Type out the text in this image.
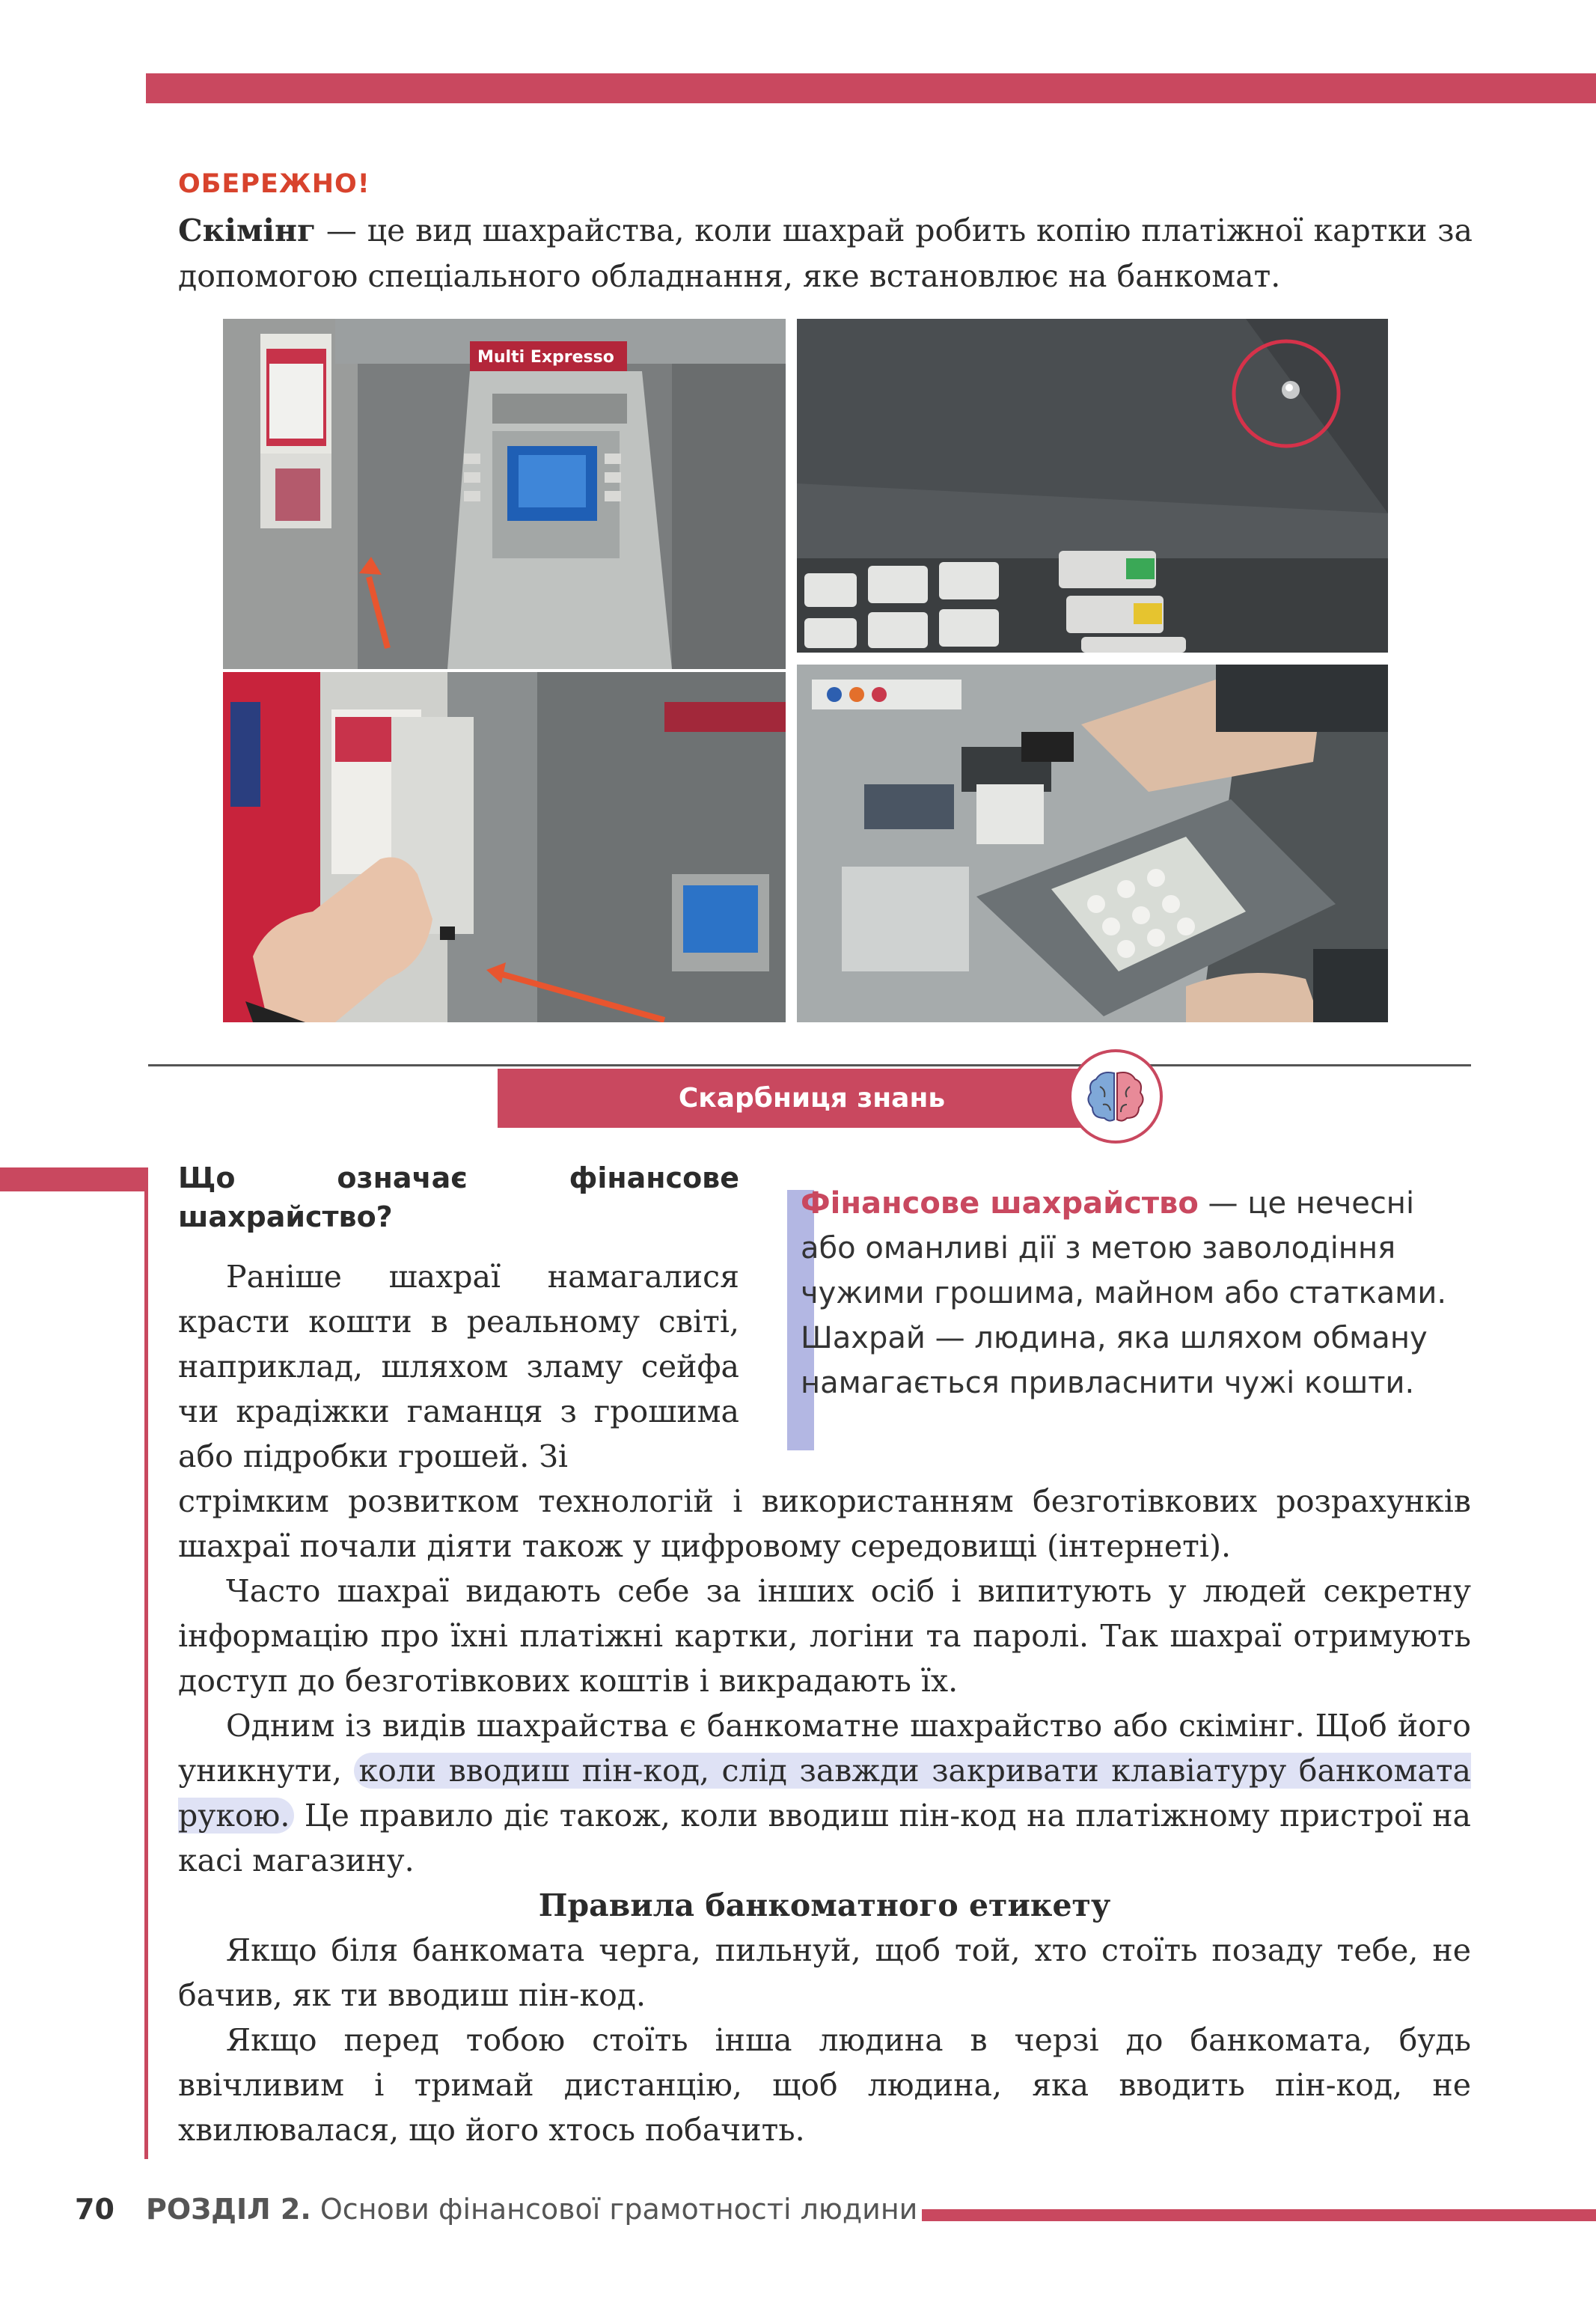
ОБЕРЕЖНО!
Скімінг — це вид шахрайства, коли шахрай робить копію платіжної картки за допомогою спеціального обладнання, яке встановлює на банкомат.
Multi Expresso
Скарбниця знань
Що означає фінансове шахрайство?	Фінансове шахрайство — це нечесні або оманливі дії з метою заволодіння чужими грошима, майном або статками. Шахрай — людина, яка шляхом обману намагається привласнити чужі кошти.
Раніше шахраї намагалися красти кошти в реальному світі, наприклад, шляхом зламу сейфа чи крадіжки гаманця з грошима або підробки грошей. Зі

стрімким розвитком технологій і використанням безготівкових розрахунків шахраї почали діяти також у цифровому середовищі (інтернеті).

Часто шахраї видають себе за інших осіб і випитують у людей секретну інформацію про їхні платіжні картки, логіни та паролі. Так шахраї отримують доступ до безготівкових коштів і викрадають їх.

Одним із видів шахрайства є банкоматне шахрайство або скімінг. Щоб його уникнути, коли вводиш пін-код, слід завжди закривати клавіатуру банкомата рукою. Це правило діє також, коли вводиш пін-код на платіжному пристрої на касі магазину.

Правила банкоматного етикету

Якщо біля банкомата черга, пильнуй, щоб той, хто стоїть позаду тебе, не бачив, як ти вводиш пін-код.

Якщо перед тобою стоїть інша людина в черзі до банкомата, будь ввічливим і тримай дистанцію, щоб людина, яка вводить пін-код, не хвилювалася, що його хтось побачить.

70 РОЗДІЛ 2. Основи фінансової грамотності людини
